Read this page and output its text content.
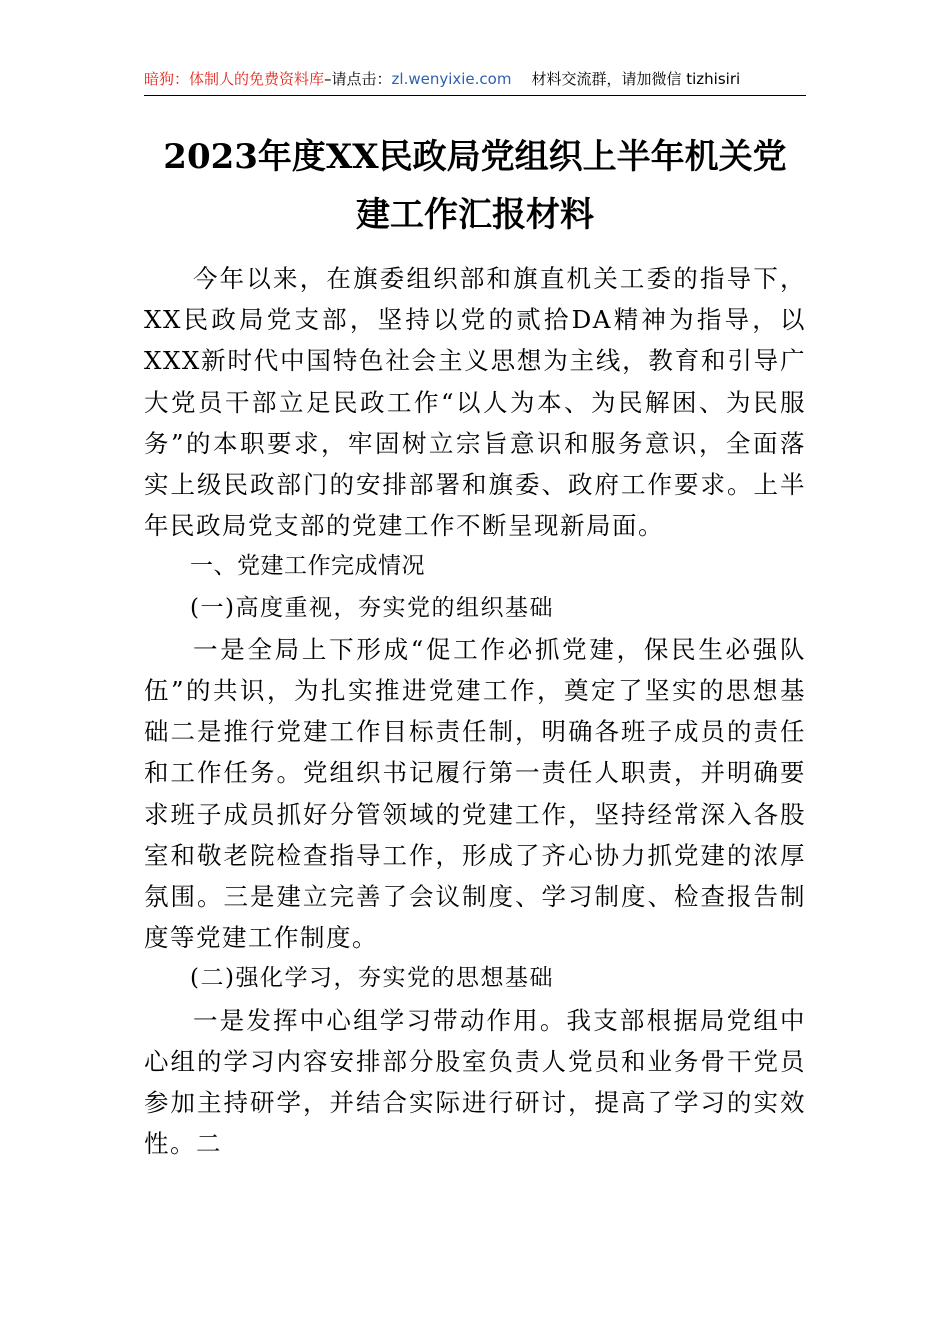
暗狗：体制人的免费资料库–请点击：zl.wenyixie.com 材料交流群，请加微信 tizhisiri
2023年度XX民政局党组织上半年机关党
建工作汇报材料

今年以来，在旗委组织部和旗直机关工委的指导下，XX民政局党支部，坚持以党的贰拾DA精神为指导，以XXX新时代中国特色社会主义思想为主线，教育和引导广大党员干部立足民政工作“以人为本、为民解困、为民服务”的本职要求，牢固树立宗旨意识和服务意识，全面落实上级民政部门的安排部署和旗委、政府工作要求。上半年民政局党支部的党建工作不断呈现新局面。

一、党建工作完成情况

(一)高度重视，夯实党的组织基础

一是全局上下形成“促工作必抓党建，保民生必强队伍”的共识，为扎实推进党建工作，奠定了坚实的思想基础二是推行党建工作目标责任制，明确各班子成员的责任和工作任务。党组织书记履行第一责任人职责，并明确要求班子成员抓好分管领域的党建工作，坚持经常深入各股室和敬老院检查指导工作，形成了齐心协力抓党建的浓厚氛围。三是建立完善了会议制度、学习制度、检查报告制度等党建工作制度。

(二)强化学习，夯实党的思想基础

一是发挥中心组学习带动作用。我支部根据局党组中心组的学习内容安排部分股室负责人党员和业务骨干党员参加主持研学，并结合实际进行研讨，提高了学习的实效性。二
